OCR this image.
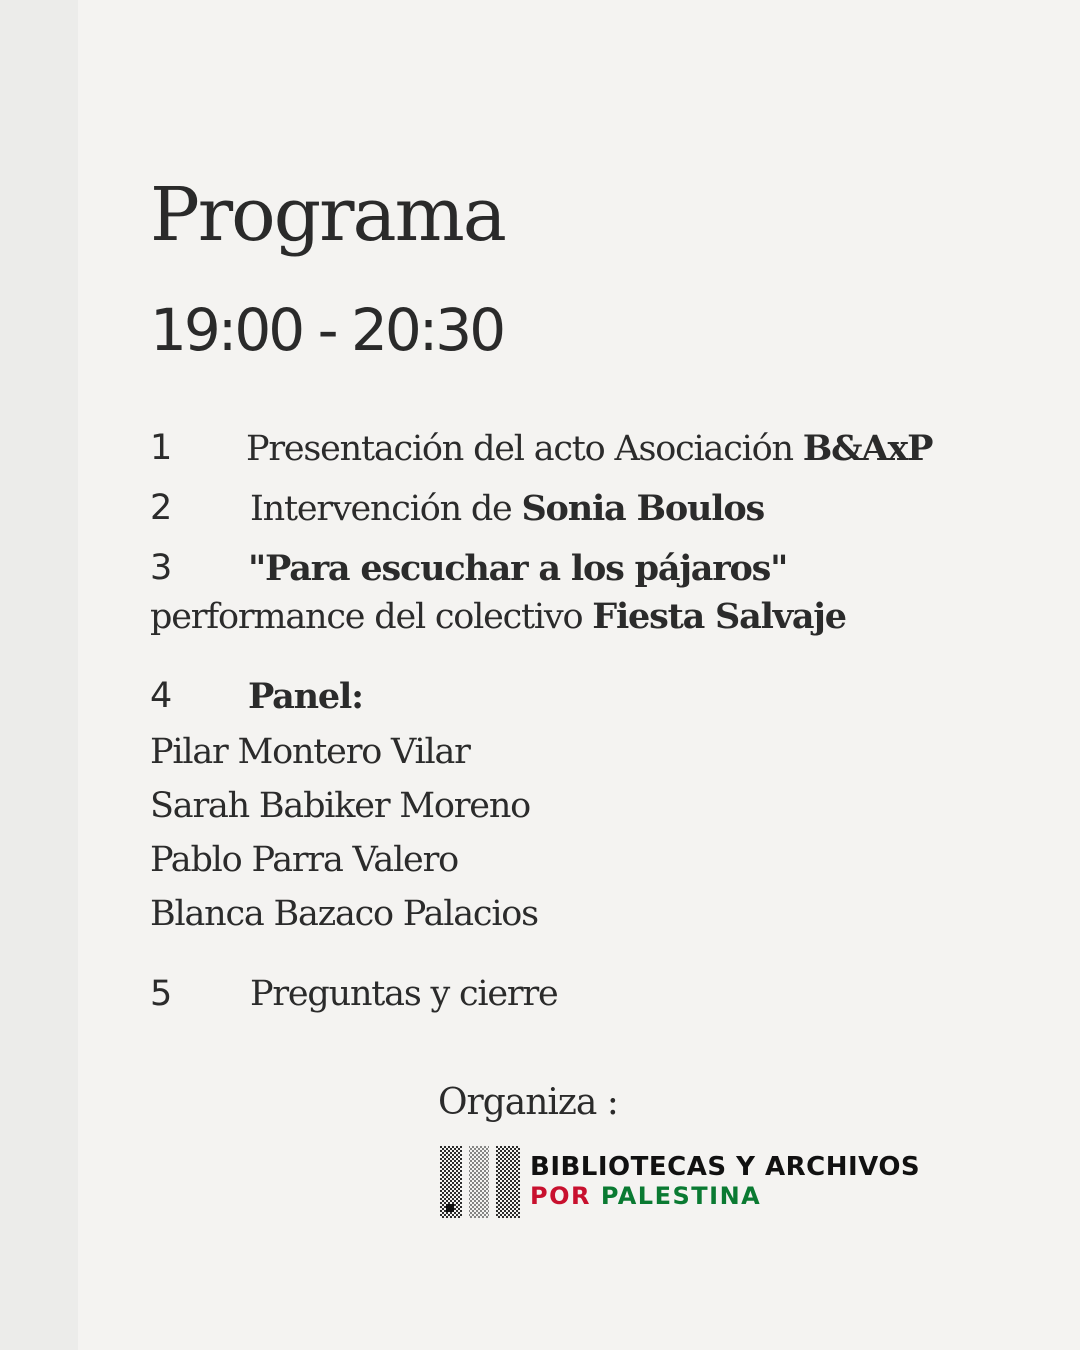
Programa
19:00 - 20:30
1 Presentación del acto Asociación B&AxP
2 Intervención de Sonia Boulos
3 "Para escuchar a los pájaros"
performance del colectivo Fiesta Salvaje
4 Panel:
Pilar Montero Vilar
Sarah Babiker Moreno
Pablo Parra Valero
Blanca Bazaco Palacios
5 Preguntas y cierre
Organiza :
BIBLIOTECAS Y ARCHIVOS
POR PALESTINA
